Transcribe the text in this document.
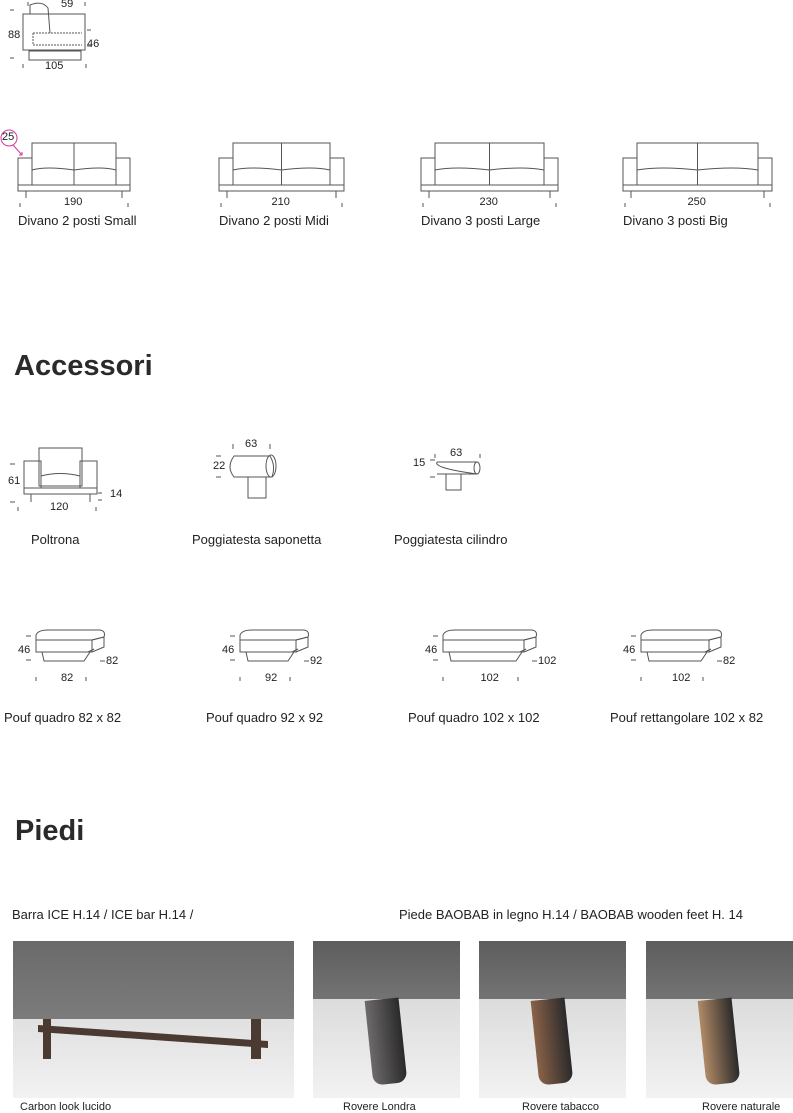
59
88
46
105
25
190
Divano 2 posti Small
210
Divano 2 posti Midi
230
Divano 3 posti Large
250
Divano 3 posti Big
Accessori
61
14
120
Poltrona
63
22
Poggiatesta saponetta
63
15
Poggiatesta cilindro
46
82
82
Pouf quadro 82 x 82
46
92
92
Pouf quadro 92 x 92
46
102
102
Pouf quadro 102 x 102
46
82
102
Pouf rettangolare 102 x 82
Piedi
Barra ICE H.14 / ICE bar H.14 /	Piede BAOBAB in legno H.14 / BAOBAB wooden feet H. 14
Carbon look lucido	Rovere Londra	Rovere tabacco	Rovere naturale
